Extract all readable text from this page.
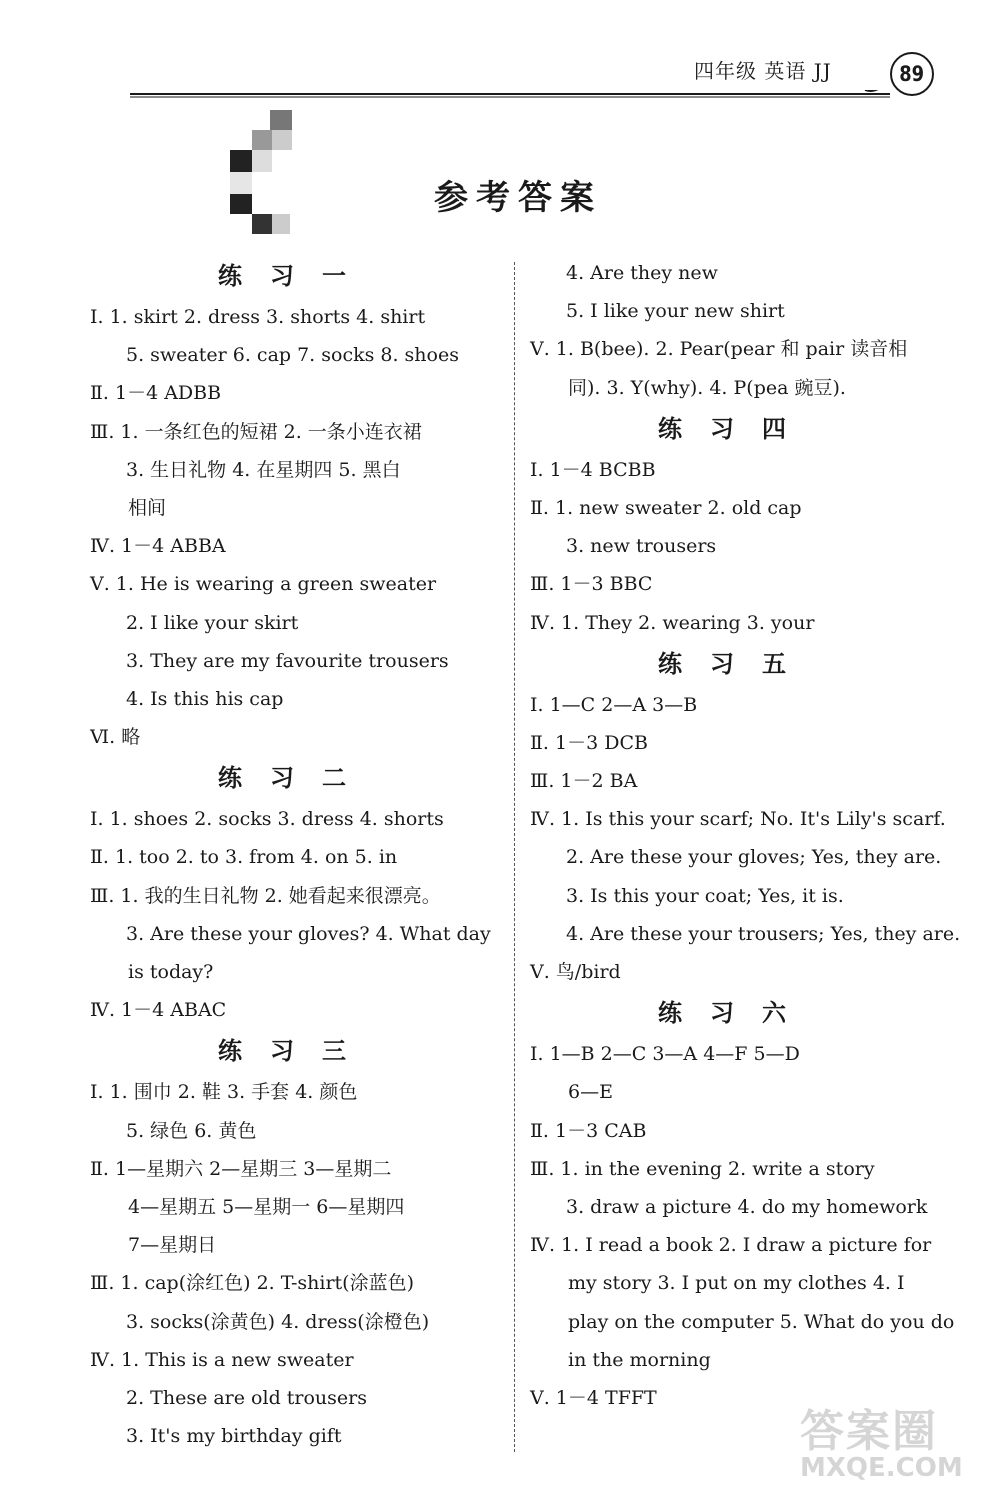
四年级 英语 JJ	89
参考答案
练习一
Ⅰ. 1. skirt 2. dress 3. shorts 4. shirt
5. sweater 6. cap 7. socks 8. shoes
Ⅱ. 1－4 ADBB
Ⅲ. 1. 一条红色的短裙 2. 一条小连衣裙
3. 生日礼物 4. 在星期四 5. 黑白
相间
Ⅳ. 1－4 ABBA
Ⅴ. 1. He is wearing a green sweater
2. I like your skirt
3. They are my favourite trousers
4. Is this his cap
Ⅵ. 略
练习二
Ⅰ. 1. shoes 2. socks 3. dress 4. shorts
Ⅱ. 1. too 2. to 3. from 4. on 5. in
Ⅲ. 1. 我的生日礼物 2. 她看起来很漂亮。
3. Are these your gloves? 4. What day
is today?
Ⅳ. 1－4 ABAC
练习三
Ⅰ. 1. 围巾 2. 鞋 3. 手套 4. 颜色
5. 绿色 6. 黄色
Ⅱ. 1—星期六 2—星期三 3—星期二
4—星期五 5—星期一 6—星期四
7—星期日
Ⅲ. 1. cap(涂红色) 2. T-shirt(涂蓝色)
3. socks(涂黄色) 4. dress(涂橙色)
Ⅳ. 1. This is a new sweater
2. These are old trousers
3. It's my birthday gift
4. Are they new
5. I like your new shirt
Ⅴ. 1. B(bee). 2. Pear(pear 和 pair 读音相
同). 3. Y(why). 4. P(pea 豌豆).
练习四
Ⅰ. 1－4 BCBB
Ⅱ. 1. new sweater 2. old cap
3. new trousers
Ⅲ. 1－3 BBC
Ⅳ. 1. They 2. wearing 3. your
练习五
Ⅰ. 1—C 2—A 3—B
Ⅱ. 1－3 DCB
Ⅲ. 1－2 BA
Ⅳ. 1. Is this your scarf; No. It's Lily's scarf.
2. Are these your gloves; Yes, they are.
3. Is this your coat; Yes, it is.
4. Are these your trousers; Yes, they are.
Ⅴ. 鸟/bird
练习六
Ⅰ. 1—B 2—C 3—A 4—F 5—D
6—E
Ⅱ. 1－3 CAB
Ⅲ. 1. in the evening 2. write a story
3. draw a picture 4. do my homework
Ⅳ. 1. I read a book 2. I draw a picture for
my story 3. I put on my clothes 4. I
play on the computer 5. What do you do
in the morning
Ⅴ. 1－4 TFFT
答案圈
MXQE.COM
